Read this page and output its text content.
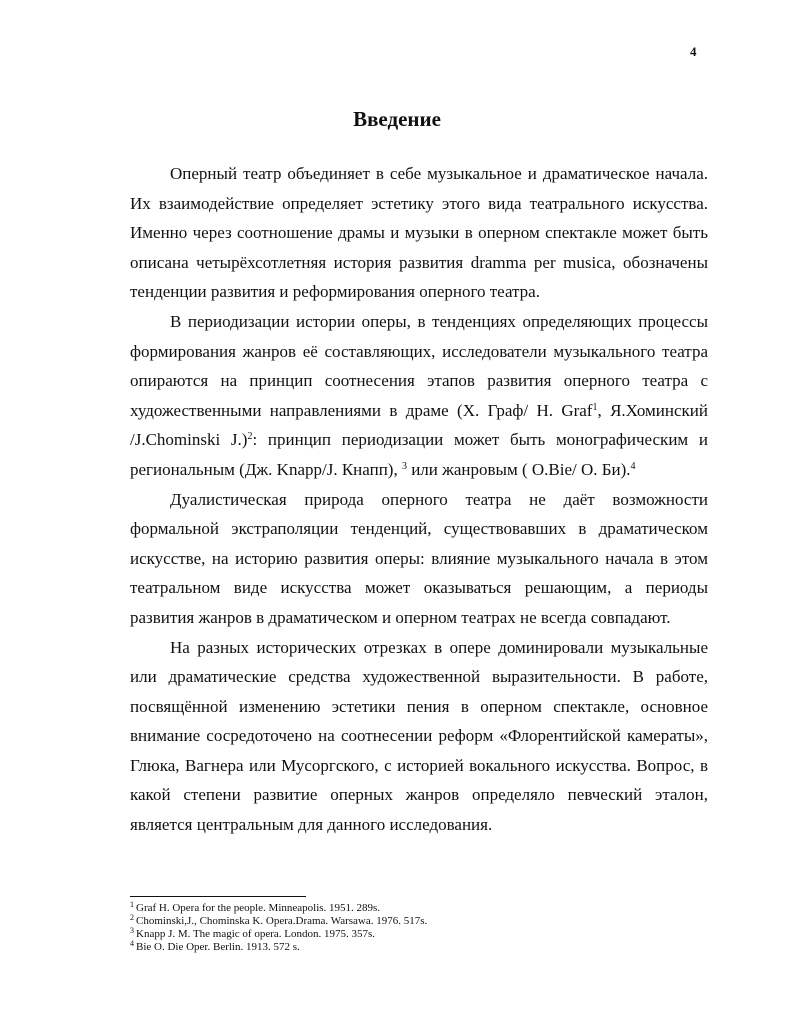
4
Введение

Оперный театр объединяет в себе музыкальное и драматическое начала. Их взаимодействие определяет эстетику этого вида театрального искусства. Именно через соотношение драмы и музыки в оперном спектакле может быть описана четырёхсотлетняя история развития dramma per musica, обозначены тенденции развития и реформирования оперного театра.

В периодизации истории оперы, в тенденциях определяющих процессы формирования жанров её составляющих, исследователи музыкального театра опираются на принцип соотнесения этапов развития оперного театра с художественными направлениями в драме (Х. Граф/ H. Graf$^1$, Я.Хоминский /J.Chominski J.)$^2$: принцип периодизации может быть монографическим и региональным (Дж. Knapp/J. Кнапп), $^3$ или жанровым ( O.Bie/ О. Би).$^4$

Дуалистическая природа оперного театра не даёт возможности формальной экстраполяции тенденций, существовавших в драматическом искусстве, на историю развития оперы: влияние музыкального начала в этом театральном виде искусства может оказываться решающим, а периоды развития жанров в драматическом и оперном театрах не всегда совпадают.

На разных исторических отрезках в опере доминировали музыкальные или драматические средства художественной выразительности. В работе, посвящённой изменению эстетики пения в оперном спектакле, основное внимание сосредоточено на соотнесении реформ «Флорентийской камераты», Глюка, Вагнера или Мусоргского, с историей вокального искусства. Вопрос, в какой степени развитие оперных жанров определяло певческий эталон, является центральным для данного исследования.

$^1$ Graf H. Opera for the people. Minneapolis. 1951. 289s.
$^2$ Chominski,J., Chominska K. Opera.Drama. Warsawa. 1976. 517s.
$^3$ Knapp J. M. The magic of opera. London. 1975. 357s.
$^4$ Bie O. Die Oper. Berlin. 1913. 572 s.
